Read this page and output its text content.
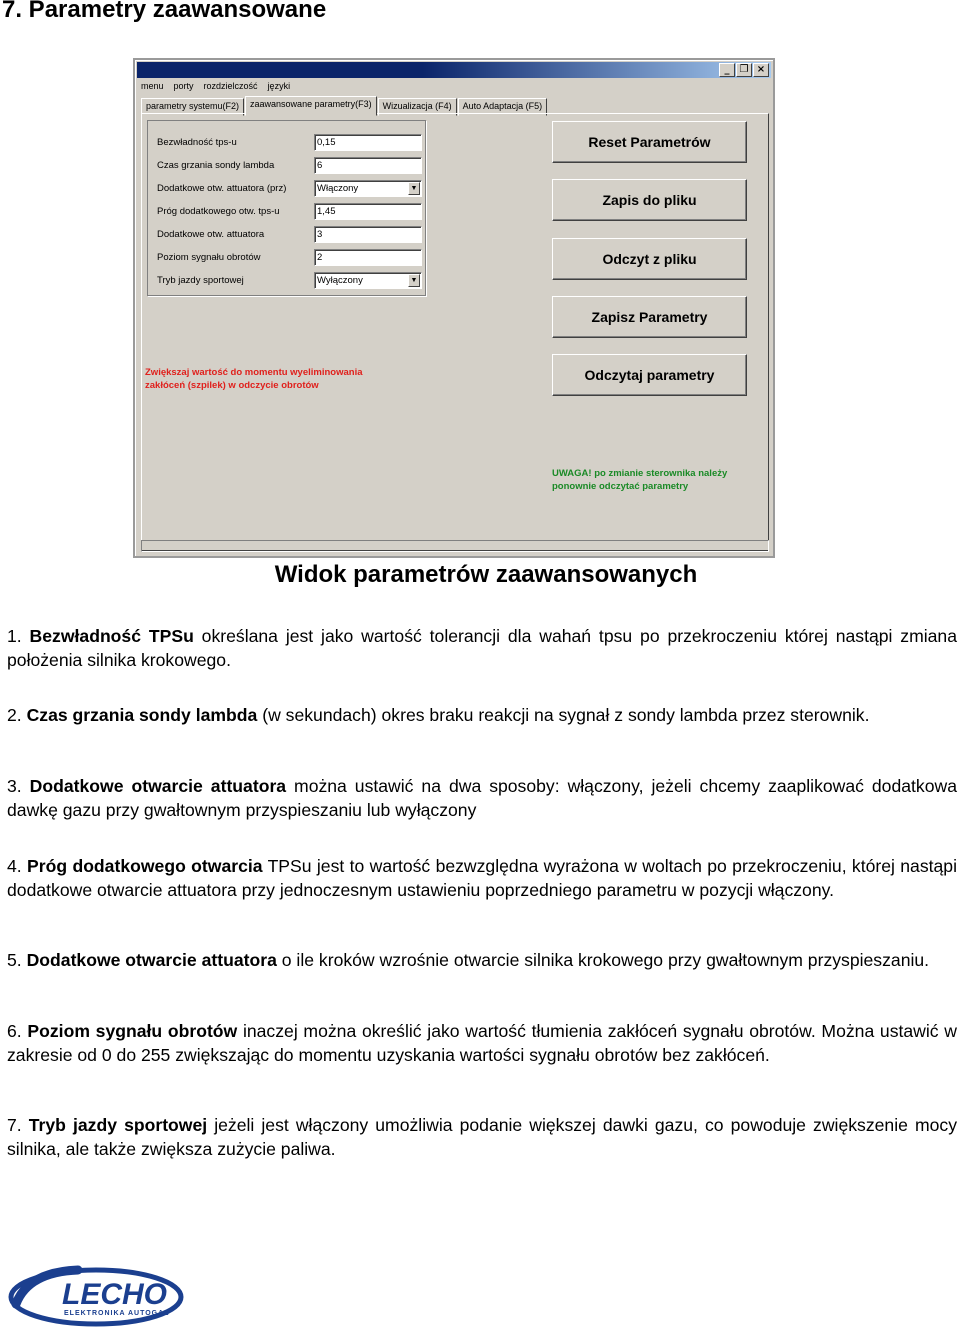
7. Parametry zaawansowane
_	❐ ×
menu porty rozdzielczość języki
parametry systemu(F2)	zaawansowane parametry(F3)	Wizualizacja (F4)	Auto Adaptacja (F5)
Bezwładność tps-u	0,15
Czas grzania sondy lambda	6
Dodatkowe otw. attuatora (prz)	Włączony	▼
Próg dodatkowego otw. tps-u	1,45
Dodatkowe otw. attuatora	3
Poziom sygnału obrotów	2
Tryb jazdy sportowej	Wyłączony	▼
Zwiększaj wartość do momentu wyeliminowania zakłóceń (szpilek) w odczycie obrotów
Reset Parametrów
Zapis do pliku
Odczyt z pliku
Zapisz Parametry
Odczytaj parametry
UWAGA! po zmianie sterownika należy ponownie odczytać parametry
Widok parametrów zaawansowanych
1. Bezwładność TPSu określana jest jako wartość tolerancji dla wahań tpsu po przekroczeniu której nastąpi zmiana położenia silnika krokowego.
2. Czas grzania sondy lambda (w sekundach) okres braku reakcji na sygnał z sondy lambda przez sterownik.
3. Dodatkowe otwarcie attuatora można ustawić na dwa sposoby: włączony, jeżeli chcemy zaaplikować dodatkowa dawkę gazu przy gwałtownym przyspieszaniu lub wyłączony
4. Próg dodatkowego otwarcia TPSu jest to wartość bezwzględna wyrażona w woltach po przekroczeniu, której nastąpi dodatkowe otwarcie attuatora przy jednoczesnym ustawieniu poprzedniego parametru w pozycji włączony.
5. Dodatkowe otwarcie attuatora o ile kroków wzrośnie otwarcie silnika krokowego przy gwałtownym przyspieszaniu.
6. Poziom sygnału obrotów inaczej można określić jako wartość tłumienia zakłóceń sygnału obrotów. Można ustawić w zakresie od 0 do 255 zwiększając do momentu uzyskania wartości sygnału obrotów bez zakłóceń.
7. Tryb jazdy sportowej jeżeli jest włączony umożliwia podanie większej dawki gazu, co powoduje zwiększenie mocy silnika, ale także zwiększa zużycie paliwa.
LECHO
ELEKTRONIKA AUTOGAZ
